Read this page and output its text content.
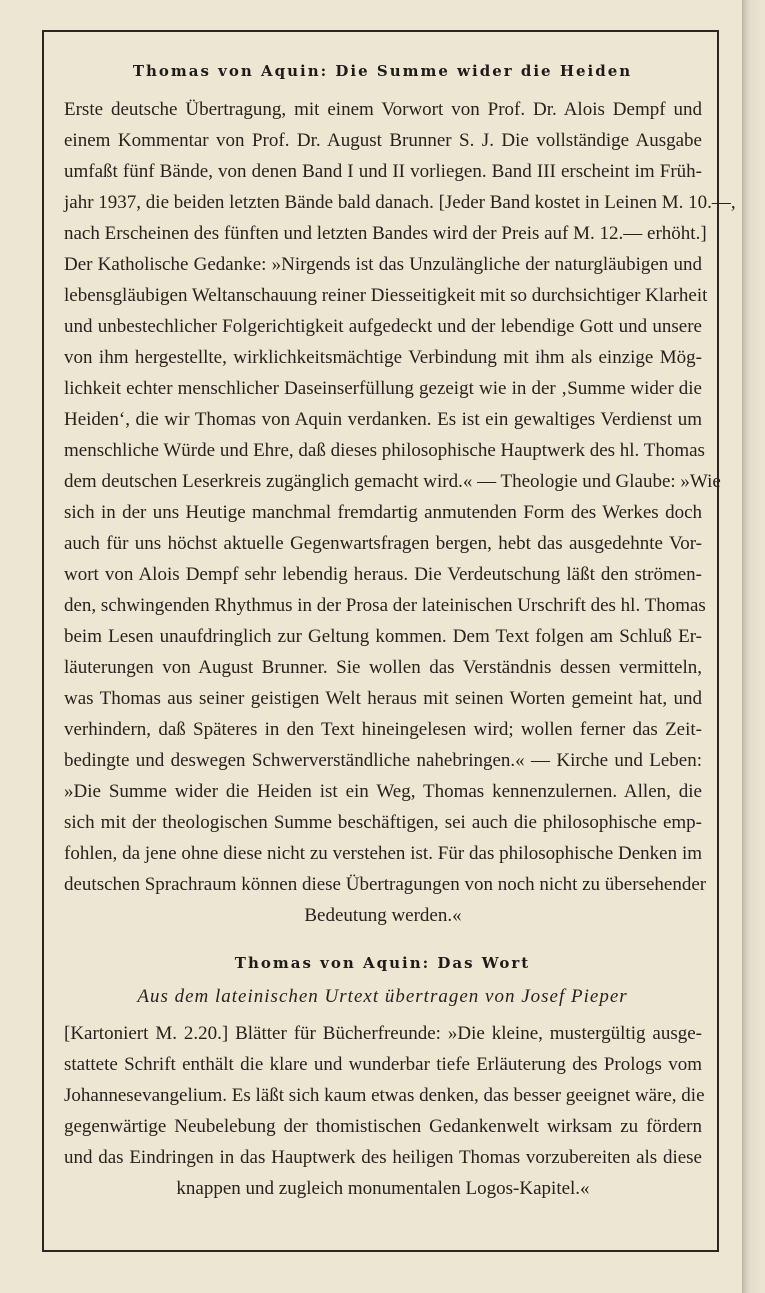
Thomas von Aquin: Die Summe wider die Heiden
Erste deutsche Übertragung, mit einem Vorwort von Prof. Dr. Alois Dempf und
einem Kommentar von Prof. Dr. August Brunner S. J. Die vollständige Ausgabe
umfaßt fünf Bände, von denen Band I und II vorliegen. Band III erscheint im Früh-
jahr 1937, die beiden letzten Bände bald danach. [Jeder Band kostet in Leinen M. 10.—,
nach Erscheinen des fünften und letzten Bandes wird der Preis auf M. 12.— erhöht.]
Der Katholische Gedanke: »Nirgends ist das Unzulängliche der naturgläubigen und
lebensgläubigen Weltanschauung reiner Diesseitigkeit mit so durchsichtiger Klarheit
und unbestechlicher Folgerichtigkeit aufgedeckt und der lebendige Gott und unsere
von ihm hergestellte, wirklichkeitsmächtige Verbindung mit ihm als einzige Mög-
lichkeit echter menschlicher Daseinserfüllung gezeigt wie in der ‚Summe wider die
Heiden‘, die wir Thomas von Aquin verdanken. Es ist ein gewaltiges Verdienst um
menschliche Würde und Ehre, daß dieses philosophische Hauptwerk des hl. Thomas
dem deutschen Leserkreis zugänglich gemacht wird.« — Theologie und Glaube: »Wie
sich in der uns Heutige manchmal fremdartig anmutenden Form des Werkes doch
auch für uns höchst aktuelle Gegenwartsfragen bergen, hebt das ausgedehnte Vor-
wort von Alois Dempf sehr lebendig heraus. Die Verdeutschung läßt den strömen-
den, schwingenden Rhythmus in der Prosa der lateinischen Urschrift des hl. Thomas
beim Lesen unaufdringlich zur Geltung kommen. Dem Text folgen am Schluß Er-
läuterungen von August Brunner. Sie wollen das Verständnis dessen vermitteln,
was Thomas aus seiner geistigen Welt heraus mit seinen Worten gemeint hat, und
verhindern, daß Späteres in den Text hineingelesen wird; wollen ferner das Zeit-
bedingte und deswegen Schwerverständliche nahebringen.« — Kirche und Leben:
»Die Summe wider die Heiden ist ein Weg, Thomas kennenzulernen. Allen, die
sich mit der theologischen Summe beschäftigen, sei auch die philosophische emp-
fohlen, da jene ohne diese nicht zu verstehen ist. Für das philosophische Denken im
deutschen Sprachraum können diese Übertragungen von noch nicht zu übersehender
Bedeutung werden.«
Thomas von Aquin: Das Wort
Aus dem lateinischen Urtext übertragen von Josef Pieper
[Kartoniert M. 2.20.] Blätter für Bücherfreunde: »Die kleine, mustergültig ausge-
stattete Schrift enthält die klare und wunderbar tiefe Erläuterung des Prologs vom
Johannesevangelium. Es läßt sich kaum etwas denken, das besser geeignet wäre, die
gegenwärtige Neubelebung der thomistischen Gedankenwelt wirksam zu fördern
und das Eindringen in das Hauptwerk des heiligen Thomas vorzubereiten als diese
knappen und zugleich monumentalen Logos-Kapitel.«
